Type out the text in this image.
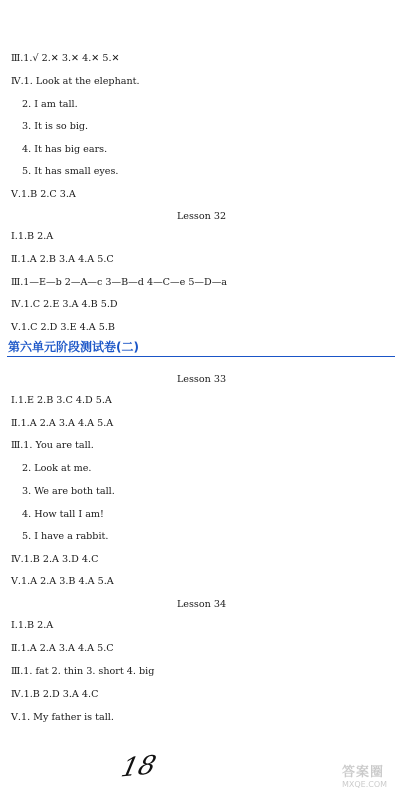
Ⅲ.1.√ 2.✕ 3.✕ 4.✕ 5.✕
Ⅳ.1. Look at the elephant.
2. I am tall.
3. It is so big.
4. It has big ears.
5. It has small eyes.
Ⅴ.1.B 2.C 3.A
Lesson 32
Ⅰ.1.B 2.A
Ⅱ.1.A 2.B 3.A 4.A 5.C
Ⅲ.1—E—b 2—A—c 3—B—d 4—C—e 5—D—a
Ⅳ.1.C 2.E 3.A 4.B 5.D
Ⅴ.1.C 2.D 3.E 4.A 5.B
第六单元阶段测试卷(二)
Lesson 33
Ⅰ.1.E 2.B 3.C 4.D 5.A
Ⅱ.1.A 2.A 3.A 4.A 5.A
Ⅲ.1. You are tall.
2. Look at me.
3. We are both tall.
4. How tall I am!
5. I have a rabbit.
Ⅳ.1.B 2.A 3.D 4.C
Ⅴ.1.A 2.A 3.B 4.A 5.A
Lesson 34
Ⅰ.1.B 2.A
Ⅱ.1.A 2.A 3.A 4.A 5.C
Ⅲ.1. fat 2. thin 3. short 4. big
Ⅳ.1.B 2.D 3.A 4.C
Ⅴ.1. My father is tall.
18	答案圈
MXQE.COM
